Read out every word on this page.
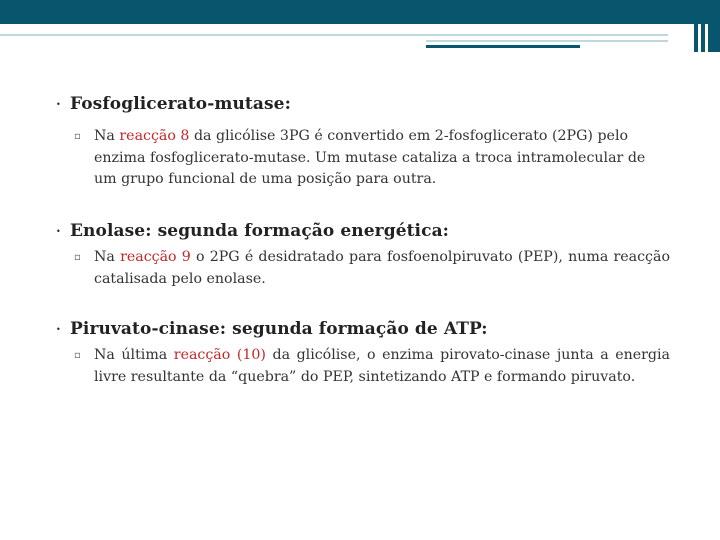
• Fosfoglicerato-mutase:
▫ Na reacção 8 da glicólise 3PG é convertido em 2-fosfoglicerato (2PG) pelo enzima fosfoglicerato-mutase. Um mutase cataliza a troca intramolecular de um grupo funcional de uma posição para outra.
• Enolase: segunda formação energética:
▫ Na reacção 9 o 2PG é desidratado para fosfoenolpiruvato (PEP), numa reacção catalisada pelo enolase.
• Piruvato-cinase: segunda formação de ATP:
▫ Na última reacção (10) da glicólise, o enzima pirovato-cinase junta a energia livre resultante da “quebra” do PEP, sintetizando ATP e formando piruvato.
